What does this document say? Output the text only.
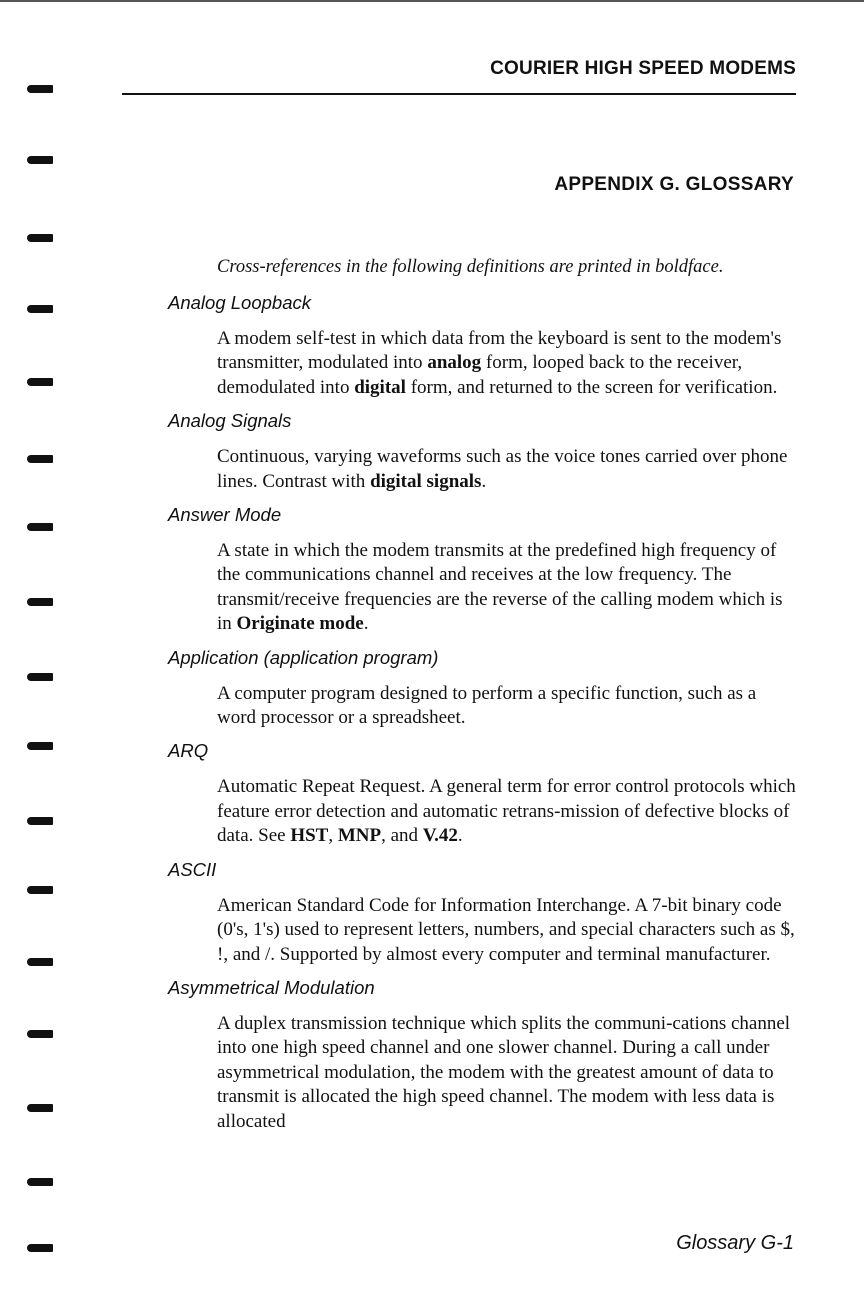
COURIER HIGH SPEED MODEMS
APPENDIX G. GLOSSARY
Cross-references in the following definitions are printed in boldface.
Analog Loopback
A modem self-test in which data from the keyboard is sent to the modem's transmitter, modulated into analog form, looped back to the receiver, demodulated into digital form, and returned to the screen for verification.
Analog Signals
Continuous, varying waveforms such as the voice tones carried over phone lines. Contrast with digital signals.
Answer Mode
A state in which the modem transmits at the predefined high frequency of the communications channel and receives at the low frequency. The transmit/receive frequencies are the reverse of the calling modem which is in Originate mode.
Application (application program)
A computer program designed to perform a specific function, such as a word processor or a spreadsheet.
ARQ
Automatic Repeat Request. A general term for error control protocols which feature error detection and automatic retrans-mission of defective blocks of data. See HST, MNP, and V.42.
ASCII
American Standard Code for Information Interchange. A 7-bit binary code (0's, 1's) used to represent letters, numbers, and special characters such as $, !, and /. Supported by almost every computer and terminal manufacturer.
Asymmetrical Modulation
A duplex transmission technique which splits the communi-cations channel into one high speed channel and one slower channel. During a call under asymmetrical modulation, the modem with the greatest amount of data to transmit is allocated the high speed channel. The modem with less data is allocated
Glossary G-1
